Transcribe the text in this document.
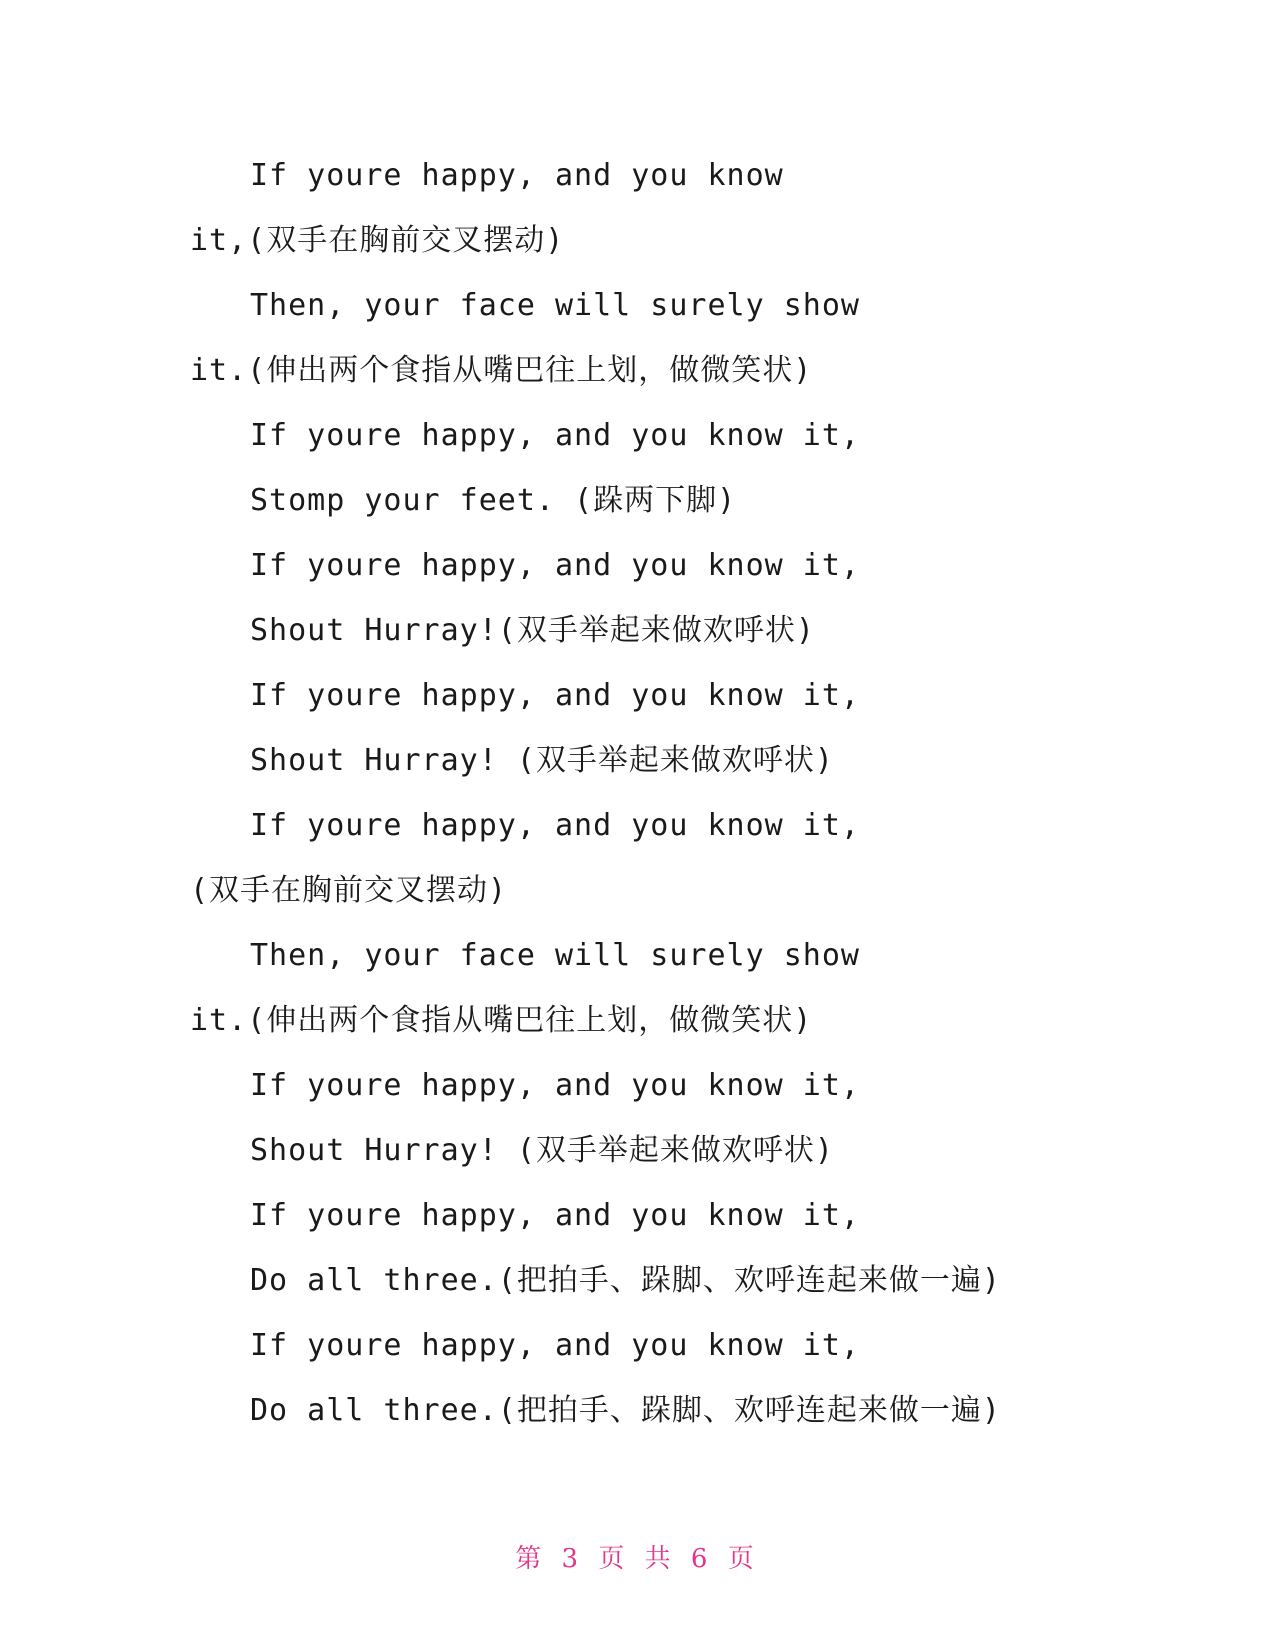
If youre happy, and you know
it,(双手在胸前交叉摆动)
Then, your face will surely show
it.(伸出两个食指从嘴巴往上划，做微笑状)
If youre happy, and you know it,
Stomp your feet. (跺两下脚)
If youre happy, and you know it,
Shout Hurray!(双手举起来做欢呼状)
If youre happy, and you know it,
Shout Hurray! (双手举起来做欢呼状)
If youre happy, and you know it,
(双手在胸前交叉摆动)
Then, your face will surely show
it.(伸出两个食指从嘴巴往上划，做微笑状)
If youre happy, and you know it,
Shout Hurray! (双手举起来做欢呼状)
If youre happy, and you know it,
Do all three.(把拍手、跺脚、欢呼连起来做一遍)
If youre happy, and you know it,
Do all three.(把拍手、跺脚、欢呼连起来做一遍)
第 3 页 共 6 页
